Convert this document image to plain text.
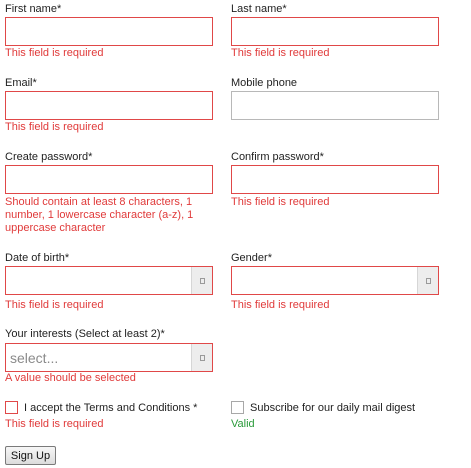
First name*
This field is required
Last name*
This field is required
Email*
This field is required
Mobile phone
Create password*
Should contain at least 8 characters, 1
number, 1 lowercase character (a-z), 1
uppercase character
Confirm password*
This field is required
Date of birth*
This field is required
Gender*
This field is required
Your interests (Select at least 2)*
select...
A value should be selected
I accept the Terms and Conditions *
This field is required
Subscribe for our daily mail digest
Valid
Sign Up
